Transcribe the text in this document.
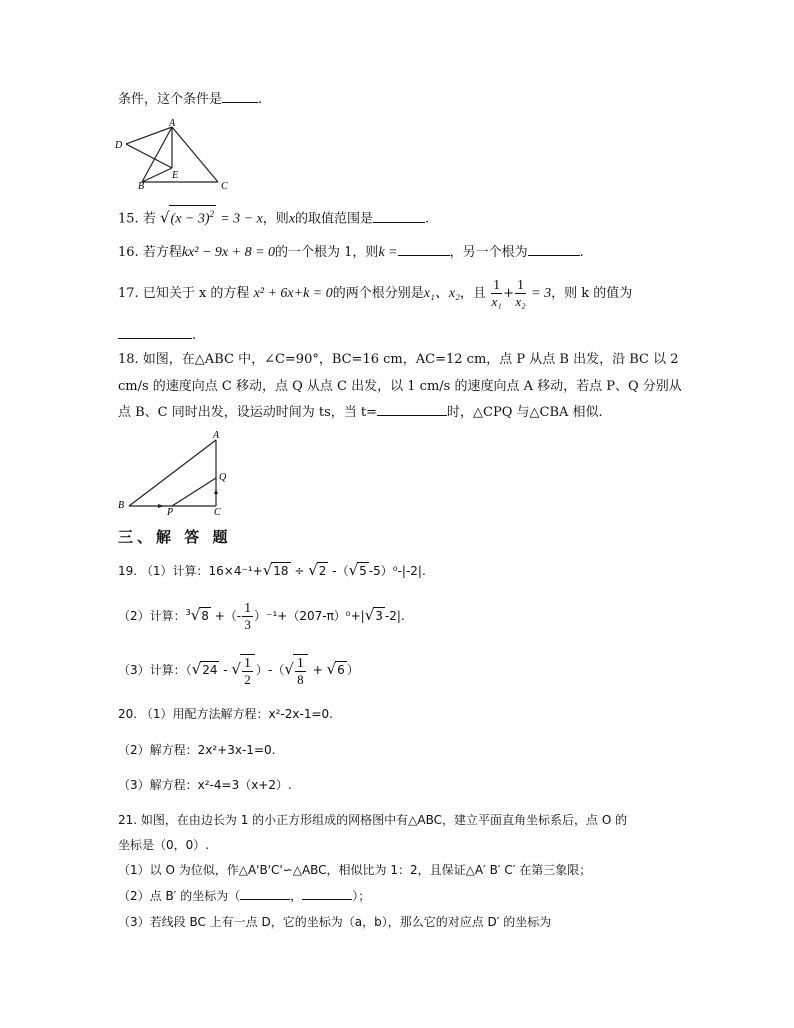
条件，这个条件是	.
A
D
B
E
C
15. 若 $√(x - 3)^2 = 3 - x$，则x的取值范围是	.
16. 若方程kx² − 9x + 8 = 0的一个根为 1，则k =	，另一个根为	.
17. 已知关于 x 的方程 x² + 6x+k = 0的两个根分别是x₁、x₂，且 $\frac{1}{\text{x₁}} + \frac{1}{\text{x₂}} = 3$，则 k 的值为
.
18. 如图，在△ABC 中，∠C=90°，BC=16 cm，AC=12 cm，点 P 从点 B 出发，沿 BC 以 2
cm/s 的速度向点 C 移动，点 Q 从点 C 出发，以 1 cm/s 的速度向点 A 移动，若点 P、Q 分别从
点 B、C 同时出发，设运动时间为 ts，当 t=	时，△CPQ 与△CBA 相似.
A
Q
B
P	C
三、解 答 题
19. （1）计算：16×4⁻¹+√18 ÷ √2 -（√5 -5）⁰-|-2|.
（2）计算：$^3$√8 +（- $\frac{1}{3} )^{-1}+(207-\pi)^0+|√3$ -2|.
（3）计算：（√24 - √ $\frac{1}{2}$ ）-（√ $\frac{1}{8} + √6$ ）
20. （1）用配方法解方程：x²-2x-1=0.
（2）解方程：2x²+3x-1=0.
（3）解方程：x²-4=3（x+2）.
21. 如图，在由边长为 1 的小正方形组成的网格图中有△ABC，建立平面直角坐标系后，点 O 的
坐标是（0，0）.
（1）以 O 为位似，作△A'B'C'∽△ABC，相似比为 1：2，且保证△A′ B′ C′ 在第三象限；
（2）点 B′ 的坐标为（	，	）；
（3）若线段 BC 上有一点 D，它的坐标为（a，b），那么它的对应点 D′ 的坐标为
